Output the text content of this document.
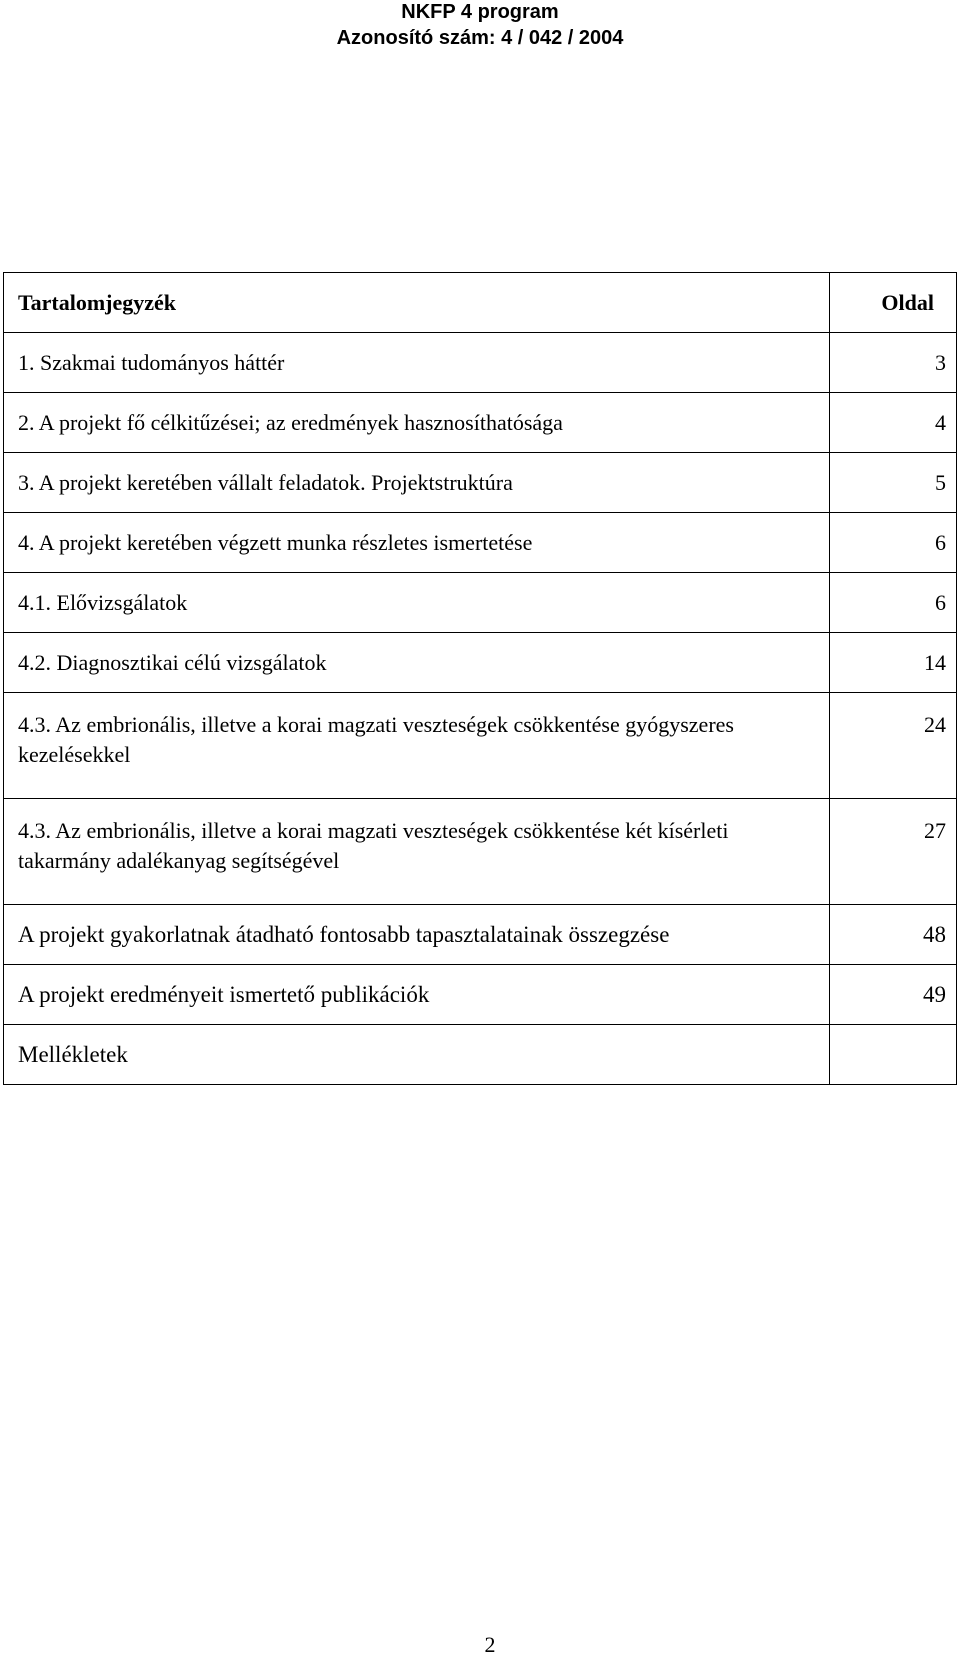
NKFP 4 program
Azonosító szám: 4 / 042 / 2004
Tartalomjegyzék	Oldal
1. Szakmai tudományos háttér	3
2. A projekt fő célkitűzései; az eredmények hasznosíthatósága	4
3. A projekt keretében vállalt feladatok. Projektstruktúra	5
4. A projekt keretében végzett munka részletes ismertetése	6
4.1. Elővizsgálatok	6
4.2. Diagnosztikai célú vizsgálatok	14
4.3. Az embrionális, illetve a korai magzati veszteségek csökkentése gyógyszeres kezelésekkel	24
4.3. Az embrionális, illetve a korai magzati veszteségek csökkentése két kísérleti takarmány adalékanyag segítségével	27
A projekt gyakorlatnak átadható fontosabb tapasztalatainak összegzése	48
A projekt eredményeit ismertető publikációk	49
Mellékletek	
2
